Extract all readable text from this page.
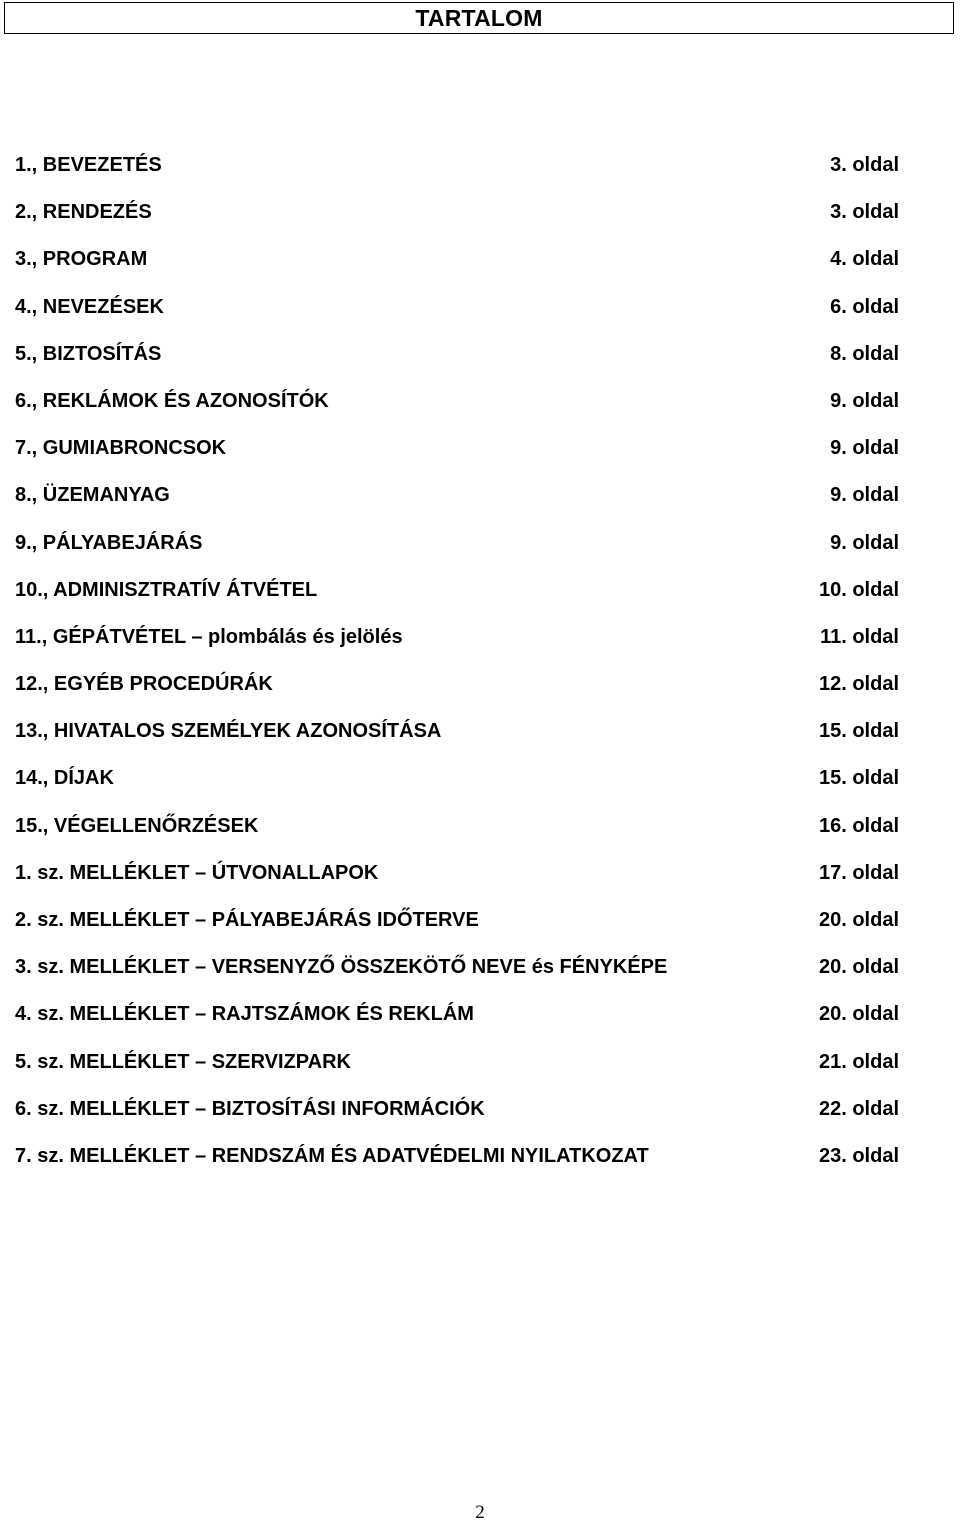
TARTALOM
1., BEVEZETÉS	3. oldal
2., RENDEZÉS	3. oldal
3., PROGRAM	4. oldal
4., NEVEZÉSEK	6. oldal
5., BIZTOSÍTÁS	8. oldal
6., REKLÁMOK ÉS AZONOSÍTÓK	9. oldal
7., GUMIABRONCSOK	9. oldal
8., ÜZEMANYAG	9. oldal
9., PÁLYABEJÁRÁS	9. oldal
10., ADMINISZTRATÍV ÁTVÉTEL	10. oldal
11., GÉPÁTVÉTEL – plombálás és jelölés	11. oldal
12., EGYÉB PROCEDÚRÁK	12. oldal
13., HIVATALOS SZEMÉLYEK AZONOSÍTÁSA	15. oldal
14., DÍJAK	15. oldal
15., VÉGELLENŐRZÉSEK	16. oldal
1. sz. MELLÉKLET – ÚTVONALLAPOK	17. oldal
2. sz. MELLÉKLET – PÁLYABEJÁRÁS IDŐTERVE	20. oldal
3. sz. MELLÉKLET – VERSENYZŐ ÖSSZEKÖTŐ NEVE és FÉNYKÉPE	20. oldal
4. sz. MELLÉKLET – RAJTSZÁMOK ÉS REKLÁM	20. oldal
5. sz. MELLÉKLET – SZERVIZPARK	21. oldal
6. sz. MELLÉKLET – BIZTOSÍTÁSI INFORMÁCIÓK	22. oldal
7. sz. MELLÉKLET – RENDSZÁM ÉS ADATVÉDELMI NYILATKOZAT	23. oldal
2
